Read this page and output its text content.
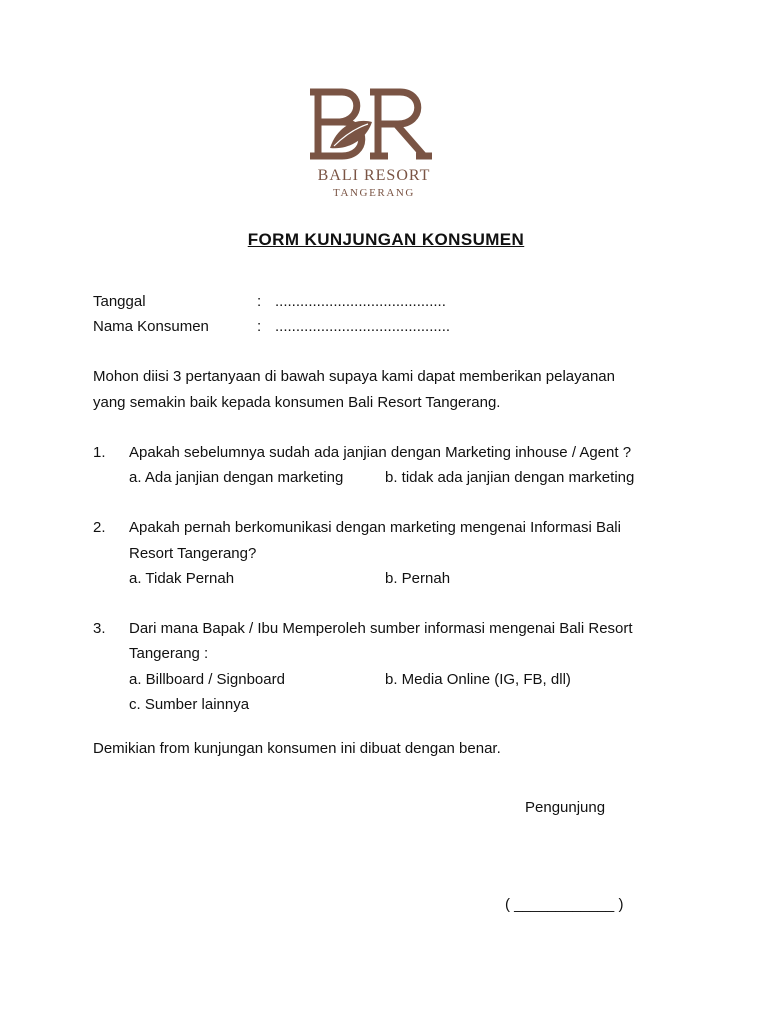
BALI RESORT
TANGERANG
FORM KUNJUNGAN KONSUMEN
Tanggal	: .........................................
Nama Konsumen	: ..........................................
Mohon diisi 3 pertanyaan di bawah supaya kami dapat memberikan pelayanan
yang semakin baik kepada konsumen Bali Resort Tangerang.
1. Apakah sebelumnya sudah ada janjian dengan Marketing inhouse / Agent ?
a. Ada janjian dengan marketing	b. tidak ada janjian dengan marketing
2. Apakah pernah berkomunikasi dengan marketing mengenai Informasi Bali
Resort Tangerang?
a. Tidak Pernah	b. Pernah
3. Dari mana Bapak / Ibu Memperoleh sumber informasi mengenai Bali Resort
Tangerang :
a. Billboard / Signboard	b. Media Online (IG, FB, dll)
c. Sumber lainnya
Demikian from kunjungan konsumen ini dibuat dengan benar.
Pengunjung
( ____________ )
